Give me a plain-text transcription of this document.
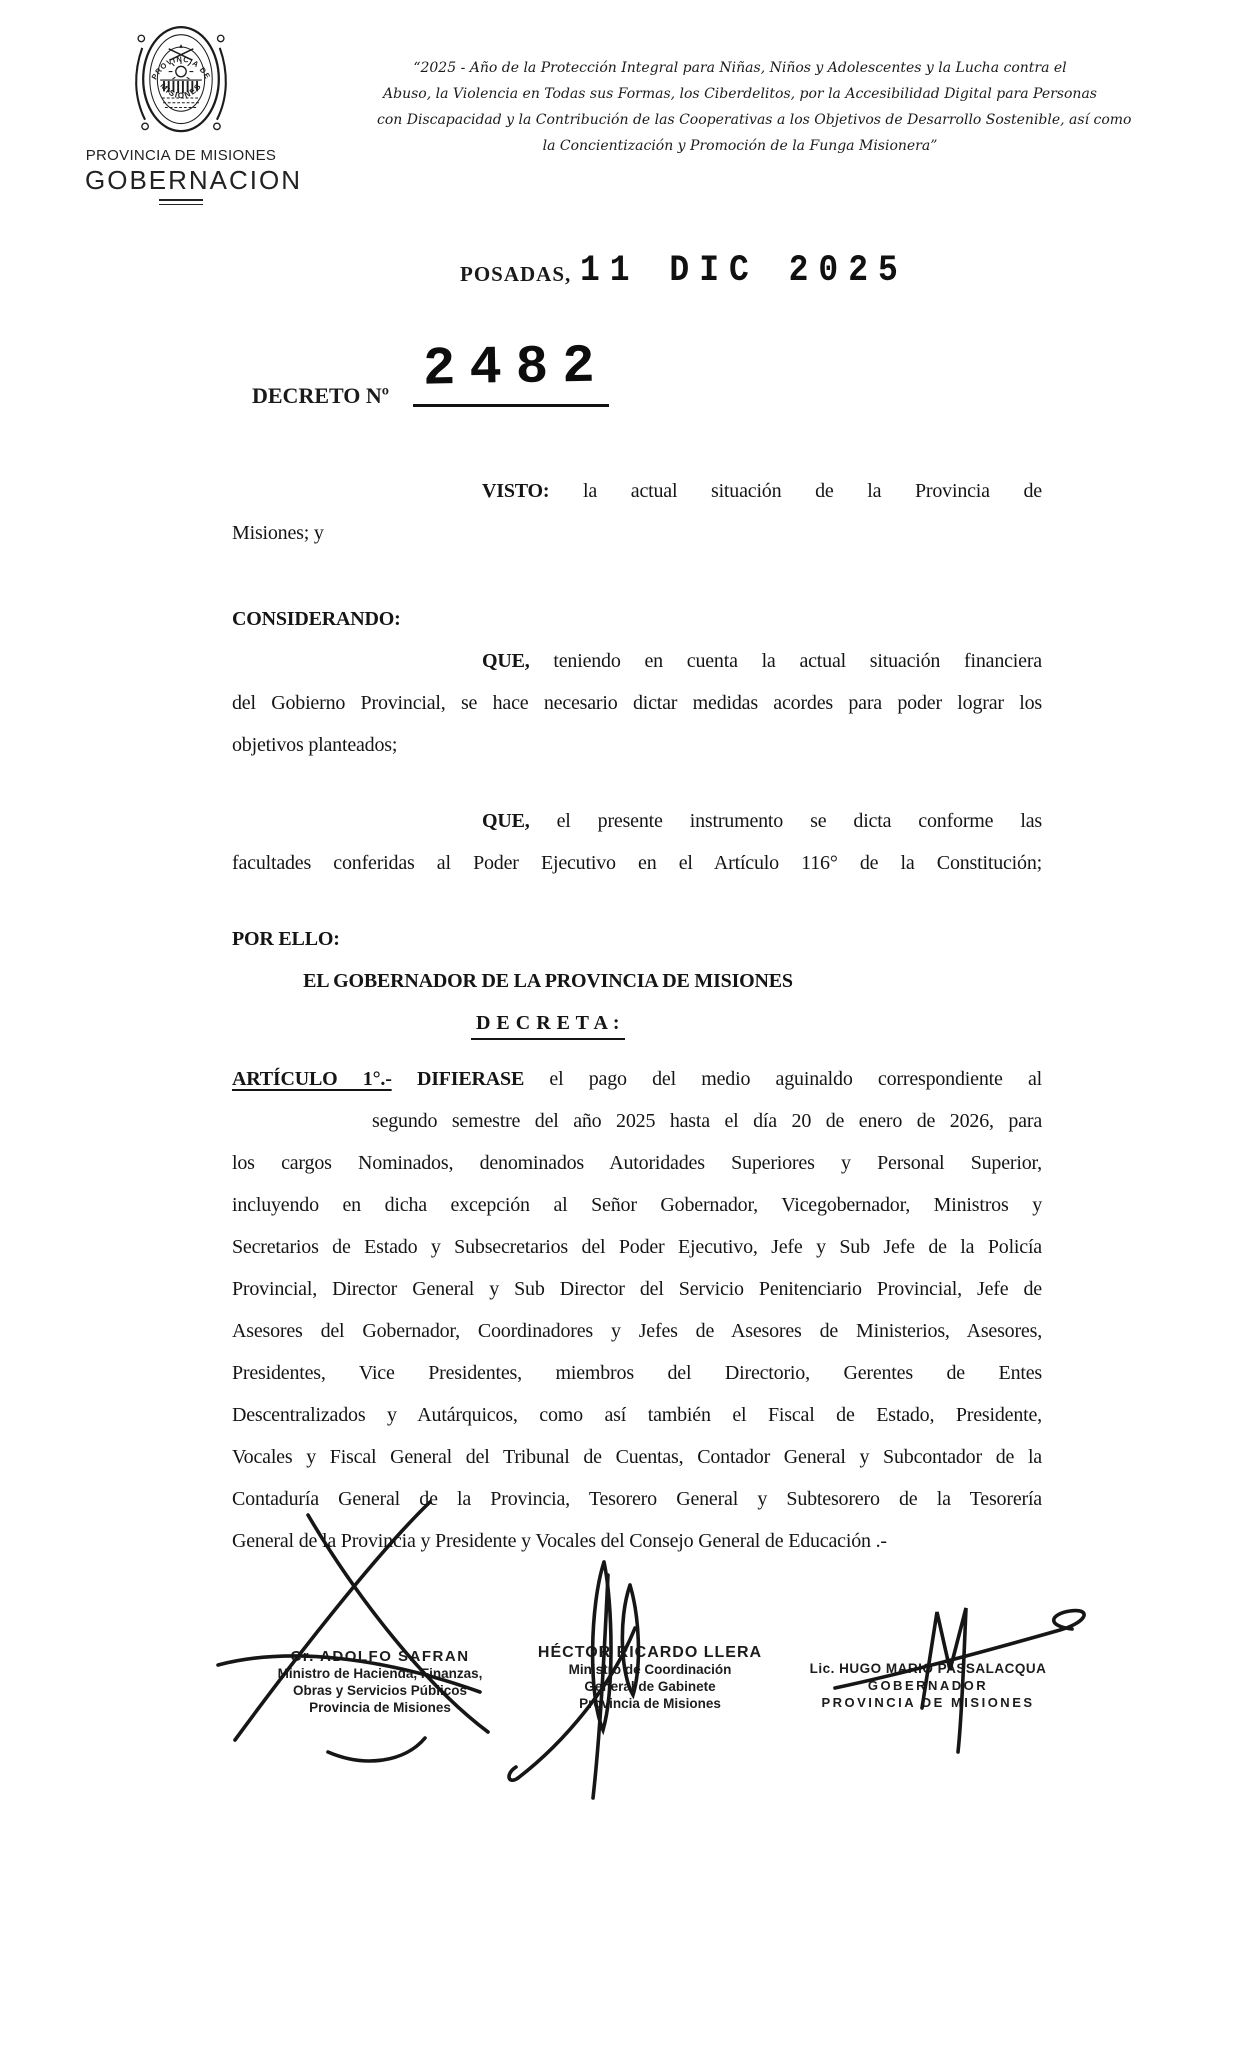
PROVINCIA DE
MISIONES
PROVINCIA DE MISIONES
GOBERNACION
“2025 - Año de la Protección Integral para Niñas, Niños y Adolescentes y la Lucha contra el
Abuso, la Violencia en Todas sus Formas, los Ciberdelitos, por la Accesibilidad Digital para Personas
con Discapacidad y la Contribución de las Cooperativas a los Objetivos de Desarrollo Sostenible, así como
la Concientización y Promoción de la Funga Misionera”
POSADAS, 11 DIC 2025
DECRETO Nº 2482
VISTO: la actual situación de la Provincia de
Misiones; y
CONSIDERANDO:
QUE, teniendo en cuenta la actual situación financiera
del Gobierno Provincial, se hace necesario dictar medidas acordes para poder lograr los
objetivos planteados;
QUE, el presente instrumento se dicta conforme las
facultades conferidas al Poder Ejecutivo en el Artículo 116° de la Constitución;
POR ELLO:
EL GOBERNADOR DE LA PROVINCIA DE MISIONES
D E C R E T A :
ARTÍCULO 1°.- DIFIERASE el pago del medio aguinaldo correspondiente al
segundo semestre del año 2025 hasta el día 20 de enero de 2026, para
los cargos Nominados, denominados Autoridades Superiores y Personal Superior,
incluyendo en dicha excepción al Señor Gobernador, Vicegobernador, Ministros y
Secretarios de Estado y Subsecretarios del Poder Ejecutivo, Jefe y Sub Jefe de la Policía
Provincial, Director General y Sub Director del Servicio Penitenciario Provincial, Jefe de
Asesores del Gobernador, Coordinadores y Jefes de Asesores de Ministerios, Asesores,
Presidentes, Vice Presidentes, miembros del Directorio, Gerentes de Entes
Descentralizados y Autárquicos, como así también el Fiscal de Estado, Presidente,
Vocales y Fiscal General del Tribunal de Cuentas, Contador General y Subcontador de la
Contaduría General de la Provincia, Tesorero General y Subtesorero de la Tesorería
General de la Provincia y Presidente y Vocales del Consejo General de Educación .-
Cr. ADOLFO SAFRAN
Ministro de Hacienda, Finanzas,
Obras y Servicios Públicos
Provincia de Misiones
HÉCTOR RICARDO LLERA
Ministro de Coordinación
General de Gabinete
Provincia de Misiones
Lic. HUGO MARIO PASSALACQUA
GOBERNADOR
PROVINCIA DE MISIONES
